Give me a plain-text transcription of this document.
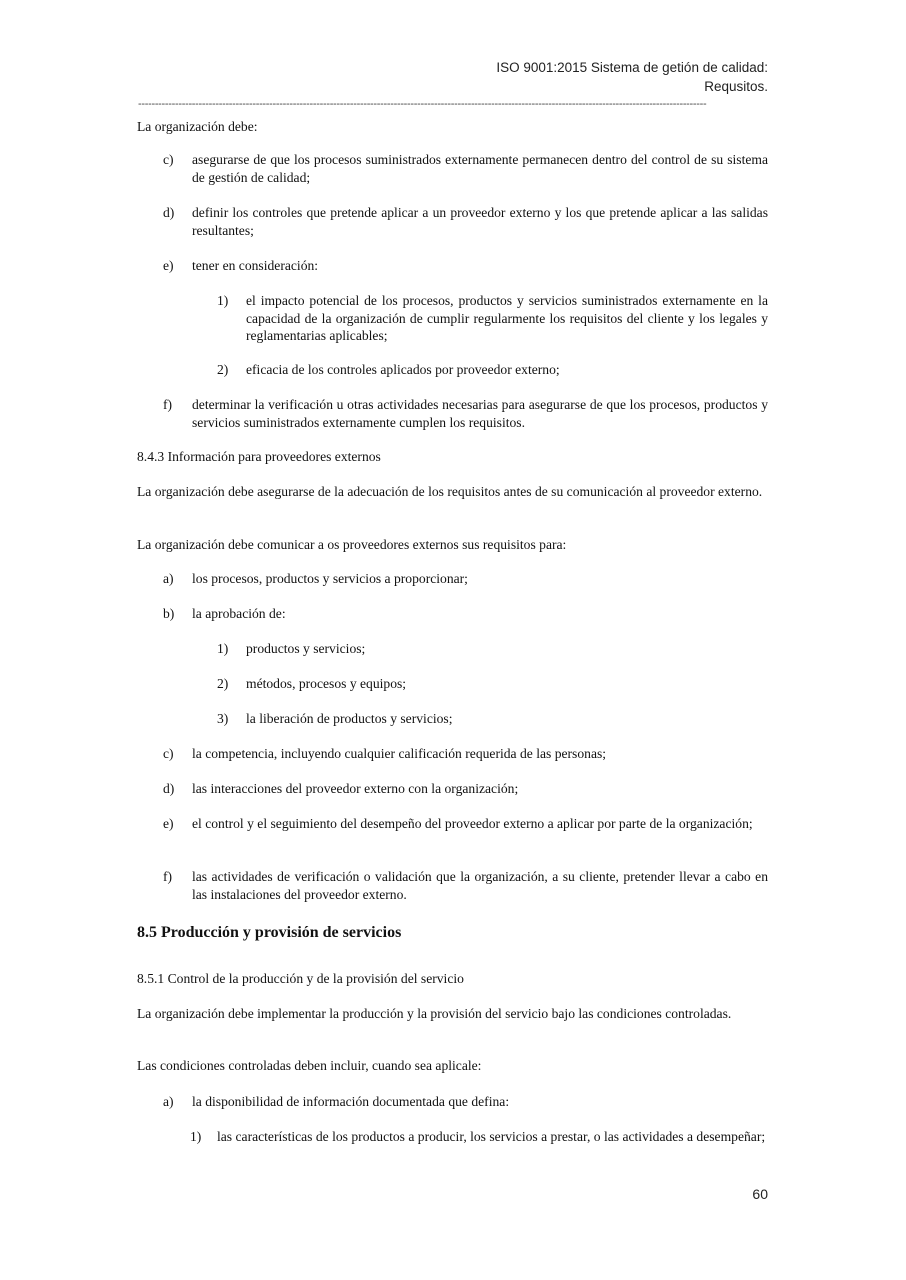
ISO 9001:2015 Sistema de getión de calidad:
Requsitos.
-------------------------------------------------------------------------------------------------------------------------------------------------------------------------

La organización debe:

c)	asegurarse de que los procesos suministrados externamente permanecen dentro del control de su sistema de gestión de calidad;
d)	definir los controles que pretende aplicar a un proveedor externo y los que pretende aplicar a las salidas resultantes;
e)	tener en consideración:
1)	el impacto potencial de los procesos, productos y servicios suministrados externamente en la capacidad de la organización de cumplir regularmente los requisitos del cliente y los legales y reglamentarias aplicables;
2)	eficacia de los controles aplicados por proveedor externo;
f)	determinar la verificación u otras actividades necesarias para asegurarse de que los procesos, productos y servicios suministrados externamente cumplen los requisitos.

8.4.3 Información para proveedores externos

La organización debe asegurarse de la adecuación de los requisitos antes de su comunicación al proveedor externo.

La organización debe comunicar a os proveedores externos sus requisitos para:

a)	los procesos, productos y servicios a proporcionar;
b)	la aprobación de:
1)	productos y servicios;
2)	métodos, procesos y equipos;
3)	la liberación de productos y servicios;
c)	la competencia, incluyendo cualquier calificación requerida de las personas;
d)	las interacciones del proveedor externo con la organización;
e)	el control y el seguimiento del desempeño del proveedor externo a aplicar por parte de la organización;
f)	las actividades de verificación o validación que la organización, a su cliente, pretender llevar a cabo en las instalaciones del proveedor externo.
8.5 Producción y provisión de servicios

8.5.1 Control de la producción y de la provisión del servicio

La organización debe implementar la producción y la provisión del servicio bajo las condiciones controladas.

Las condiciones controladas deben incluir, cuando sea aplicale:

a)	la disponibilidad de información documentada que defina:
1)	las características de los productos a producir, los servicios a prestar, o las actividades a desempeñar;
60
